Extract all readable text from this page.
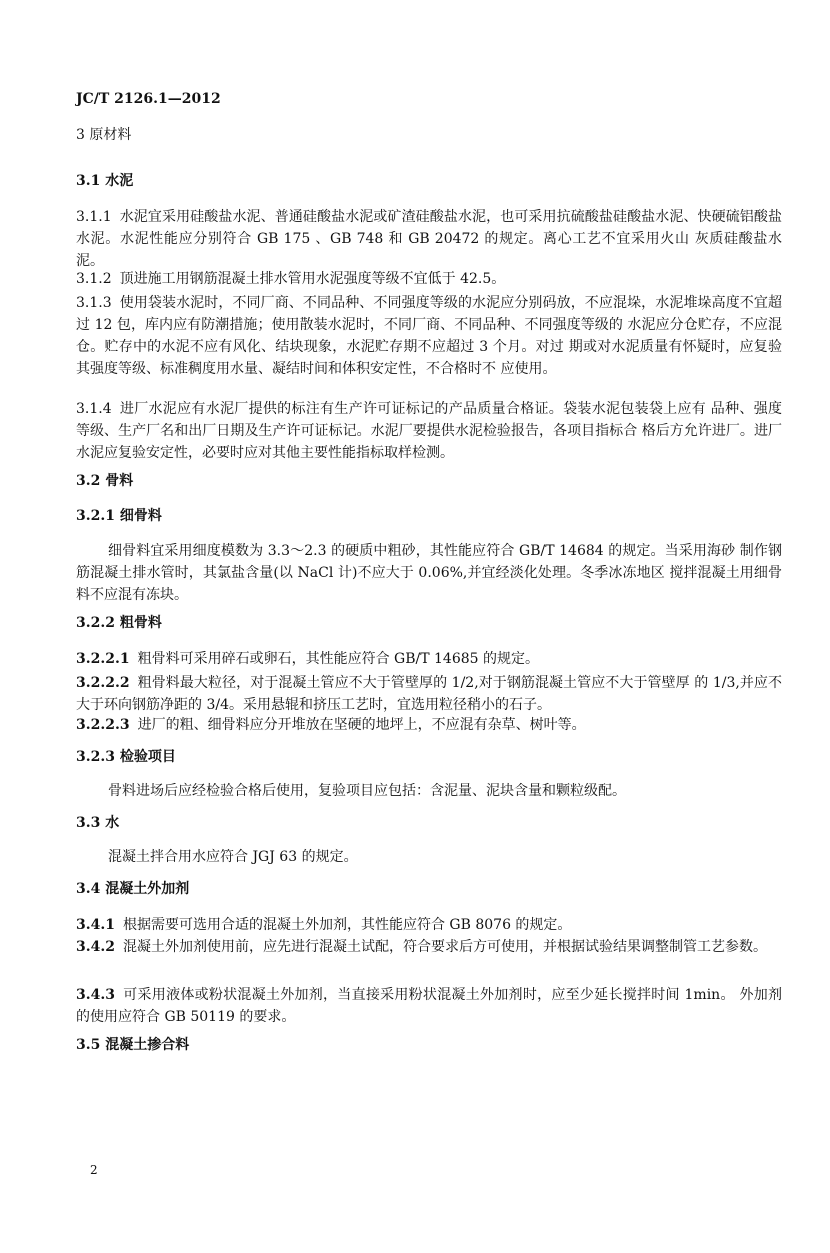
JC/T 2126.1—2012
3 原材料
3.1 水泥
3.1.1 水泥宜采用硅酸盐水泥、普通硅酸盐水泥或矿渣硅酸盐水泥，也可采用抗硫酸盐硅酸盐水泥、快硬硫铝酸盐水泥。水泥性能应分别符合 GB 175 、GB 748 和 GB 20472 的规定。离心工艺不宜采用火山 灰质硅酸盐水泥。
3.1.2 顶进施工用钢筋混凝土排水管用水泥强度等级不宜低于 42.5。
3.1.3 使用袋装水泥时，不同厂商、不同品种、不同强度等级的水泥应分别码放，不应混垛，水泥堆垛高度不宜超过 12 包，库内应有防潮措施；使用散装水泥时，不同厂商、不同品种、不同强度等级的 水泥应分仓贮存，不应混仓。贮存中的水泥不应有风化、结块现象，水泥贮存期不应超过 3 个月。对过 期或对水泥质量有怀疑时，应复验其强度等级、标准稠度用水量、凝结时间和体积安定性，不合格时不 应使用。
3.1.4 进厂水泥应有水泥厂提供的标注有生产许可证标记的产品质量合格证。袋装水泥包装袋上应有 品种、强度等级、生产厂名和出厂日期及生产许可证标记。水泥厂要提供水泥检验报告，各项目指标合 格后方允许进厂。进厂水泥应复验安定性，必要时应对其他主要性能指标取样检测。
3.2 骨料
3.2.1 细骨料
细骨料宜采用细度模数为 3.3～2.3 的硬质中粗砂，其性能应符合 GB/T 14684 的规定。当采用海砂 制作钢筋混凝土排水管时，其氯盐含量(以 NaCl 计)不应大于 0.06%,并宜经淡化处理。冬季冰冻地区 搅拌混凝土用细骨料不应混有冻块。
3.2.2 粗骨料
3.2.2.1 粗骨料可采用碎石或卵石，其性能应符合 GB/T 14685 的规定。
3.2.2.2 粗骨料最大粒径，对于混凝土管应不大于管壁厚的 1/2,对于钢筋混凝土管应不大于管壁厚 的 1/3,并应不大于环向钢筋净距的 3/4。采用悬辊和挤压工艺时，宜选用粒径稍小的石子。
3.2.2.3 进厂的粗、细骨料应分开堆放在坚硬的地坪上，不应混有杂草、树叶等。
3.2.3 检验项目
骨料进场后应经检验合格后使用，复验项目应包括：含泥量、泥块含量和颗粒级配。
3.3 水
混凝土拌合用水应符合 JGJ 63 的规定。
3.4 混凝土外加剂
3.4.1 根据需要可选用合适的混凝土外加剂，其性能应符合 GB 8076 的规定。
3.4.2 混凝土外加剂使用前，应先进行混凝土试配，符合要求后方可使用，并根据试验结果调整制管工艺参数。
3.4.3 可采用液体或粉状混凝土外加剂，当直接采用粉状混凝土外加剂时，应至少延长搅拌时间 1min。 外加剂的使用应符合 GB 50119 的要求。
3.5 混凝土掺合料
2
